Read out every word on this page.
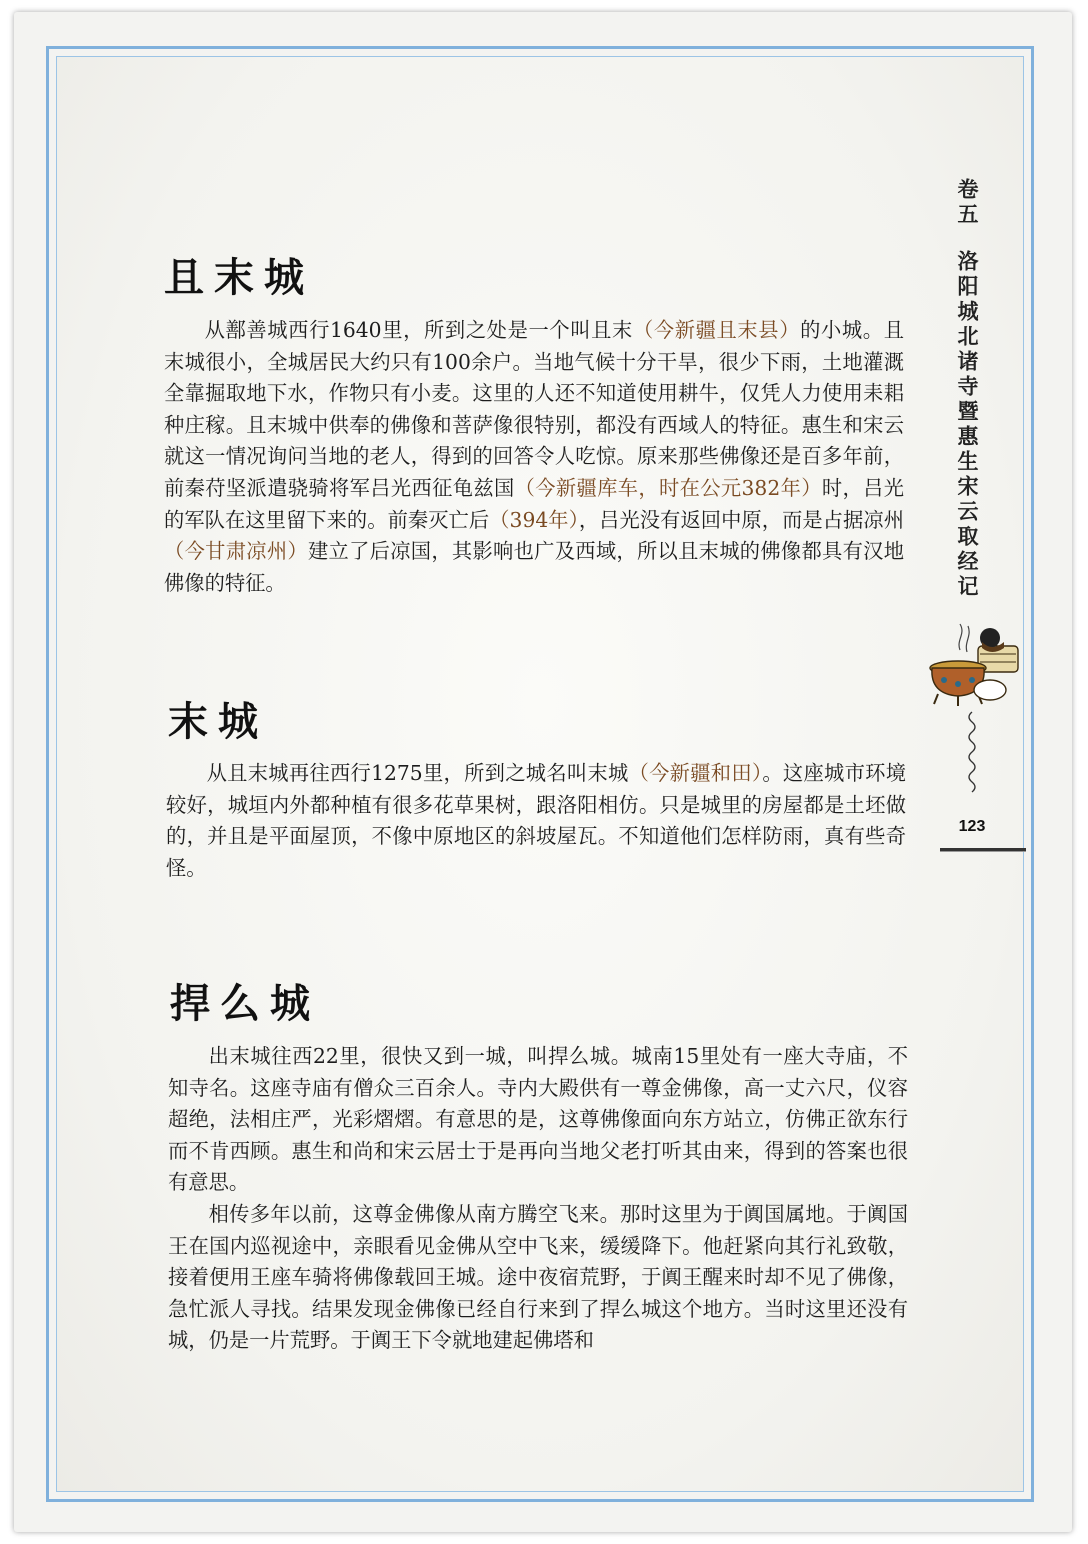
且末城

从鄯善城西行1640里，所到之处是一个叫且末（今新疆且末县）的小城。且末城很小，全城居民大约只有100余户。当地气候十分干旱，很少下雨，土地灌溉全靠掘取地下水，作物只有小麦。这里的人还不知道使用耕牛，仅凭人力使用耒耜种庄稼。且末城中供奉的佛像和菩萨像很特别，都没有西域人的特征。惠生和宋云就这一情况询问当地的老人，得到的回答令人吃惊。原来那些佛像还是百多年前，前秦苻坚派遣骁骑将军吕光西征龟兹国（今新疆库车，时在公元382年）时，吕光的军队在这里留下来的。前秦灭亡后（394年），吕光没有返回中原，而是占据凉州（今甘肃凉州）建立了后凉国，其影响也广及西域，所以且末城的佛像都具有汉地佛像的特征。

末城

从且末城再往西行1275里，所到之城名叫末城（今新疆和田）。这座城市环境较好，城垣内外都种植有很多花草果树，跟洛阳相仿。只是城里的房屋都是土坯做的，并且是平面屋顶，不像中原地区的斜坡屋瓦。不知道他们怎样防雨，真有些奇怪。

捍么城

出末城往西22里，很快又到一城，叫捍么城。城南15里处有一座大寺庙，不知寺名。这座寺庙有僧众三百余人。寺内大殿供有一尊金佛像，高一丈六尺，仪容超绝，法相庄严，光彩熠熠。有意思的是，这尊佛像面向东方站立，仿佛正欲东行而不肯西顾。惠生和尚和宋云居士于是再向当地父老打听其由来，得到的答案也很有意思。

相传多年以前，这尊金佛像从南方腾空飞来。那时这里为于阗国属地。于阗国王在国内巡视途中，亲眼看见金佛从空中飞来，缓缓降下。他赶紧向其行礼致敬，接着便用王座车骑将佛像载回王城。途中夜宿荒野，于阗王醒来时却不见了佛像，急忙派人寻找。结果发现金佛像已经自行来到了捍么城这个地方。当时这里还没有城，仍是一片荒野。于阗王下令就地建起佛塔和

卷五洛阳城北诸寺暨惠生宋云取经记
123
